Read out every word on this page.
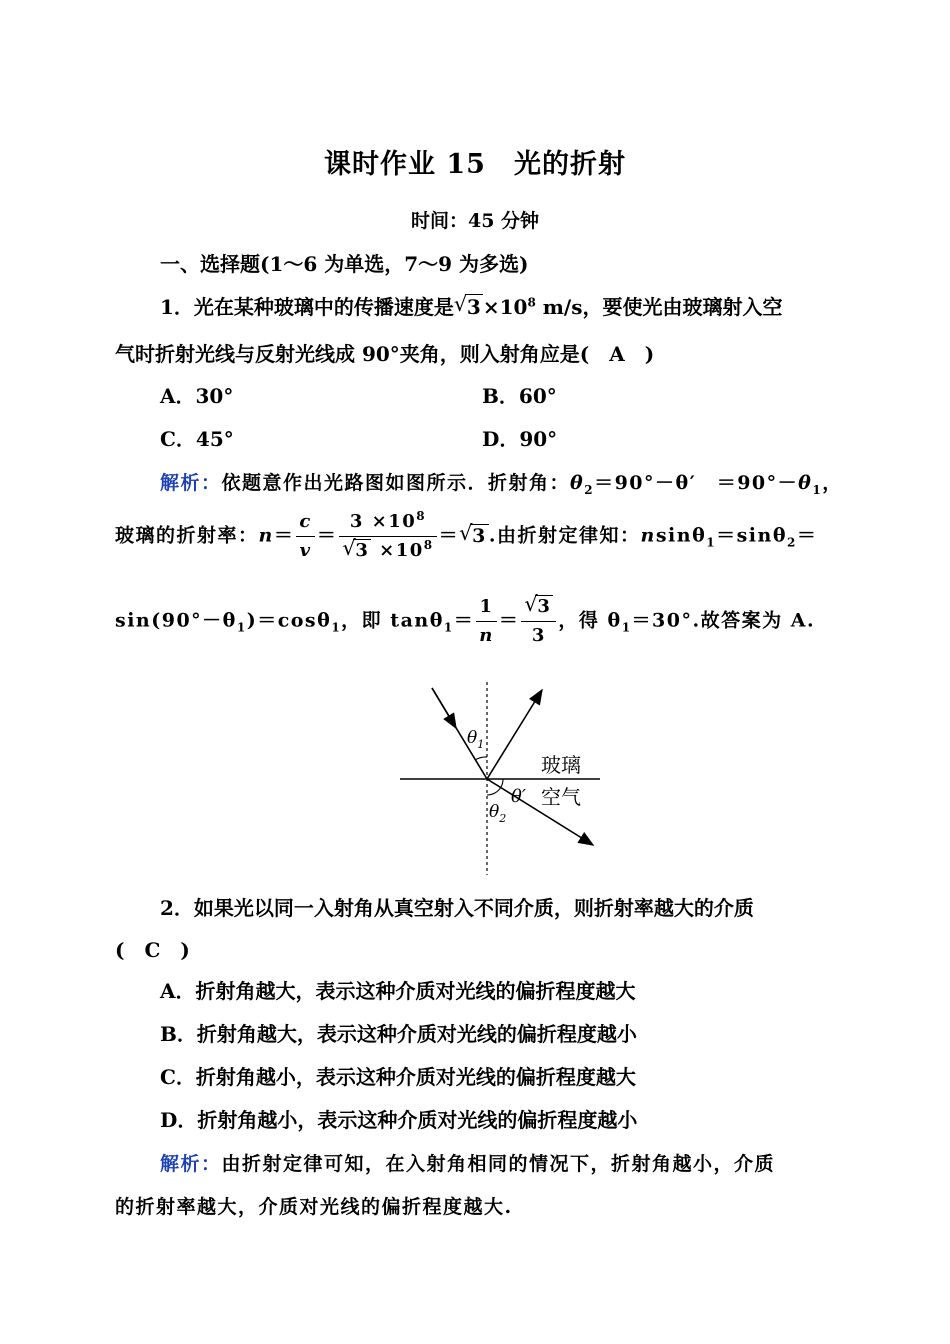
课时作业 15　光的折射
时间：45 分钟
一、选择题(1～6 为单选，7～9 为多选)
1．光在某种玻璃中的传播速度是 √ $3 \times 10^8$ m/s，要使光由玻璃射入空
气时折射光线与反射光线成 90°夹角，则入射角应是(　A　)
A．30°	B．60°
C．45°	D．90°
解析：依题意作出光路图如图所示．折射角：$\theta_2=90^\circ-\theta'$　$=90^\circ-\theta_1$，
玻璃的折射率：$n= \frac{c}{v} = 3 \times 10^8$
√
$3 \times 10^8$ ＝ √
3 .由折射定律知：nsinθ$_1$＝sinθ$_2$＝
$\sin(90^\circ-\theta_1)=\cos\theta_1$，即 $\tan\theta_1= \frac{1}{n}$ ＝ √
3
3 ，得 $\theta_1=30^\circ$.故答案为 A.
$\theta_1$
$\theta_2$
θ′
玻璃
空气
2．如果光以同一入射角从真空射入不同介质，则折射率越大的介质
(　C　)
A．折射角越大，表示这种介质对光线的偏折程度越大
B．折射角越大，表示这种介质对光线的偏折程度越小
C．折射角越小，表示这种介质对光线的偏折程度越大
D．折射角越小，表示这种介质对光线的偏折程度越小
解析：由折射定律可知，在入射角相同的情况下，折射角越小，介质
的折射率越大，介质对光线的偏折程度越大.
